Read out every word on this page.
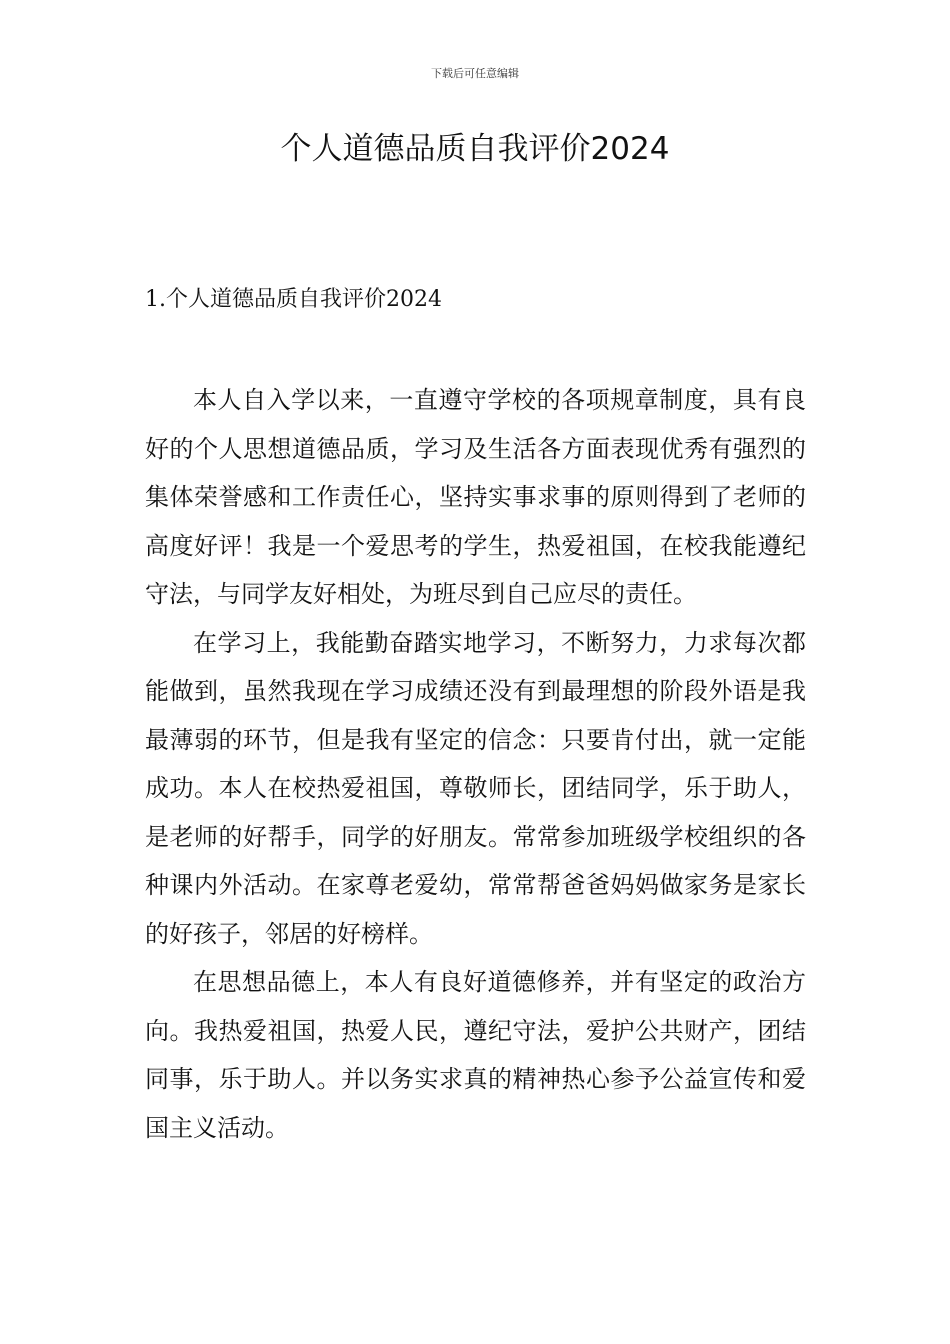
下载后可任意编辑
个人道德品质自我评价2024
1.个人道德品质自我评价2024

本人自入学以来，一直遵守学校的各项规章制度，具有良好的个人思想道德品质，学习及生活各方面表现优秀有强烈的集体荣誉感和工作责任心，坚持实事求事的原则得到了老师的高度好评！我是一个爱思考的学生，热爱祖国，在校我能遵纪守法，与同学友好相处，为班尽到自己应尽的责任。

在学习上，我能勤奋踏实地学习，不断努力，力求每次都能做到，虽然我现在学习成绩还没有到最理想的阶段外语是我最薄弱的环节，但是我有坚定的信念：只要肯付出，就一定能成功。本人在校热爱祖国，尊敬师长，团结同学，乐于助人，是老师的好帮手，同学的好朋友。常常参加班级学校组织的各种课内外活动。在家尊老爱幼，常常帮爸爸妈妈做家务是家长的好孩子，邻居的好榜样。

在思想品德上，本人有良好道德修养，并有坚定的政治方向。我热爱祖国，热爱人民，遵纪守法，爱护公共财产，团结同事，乐于助人。并以务实求真的精神热心参予公益宣传和爱国主义活动。
